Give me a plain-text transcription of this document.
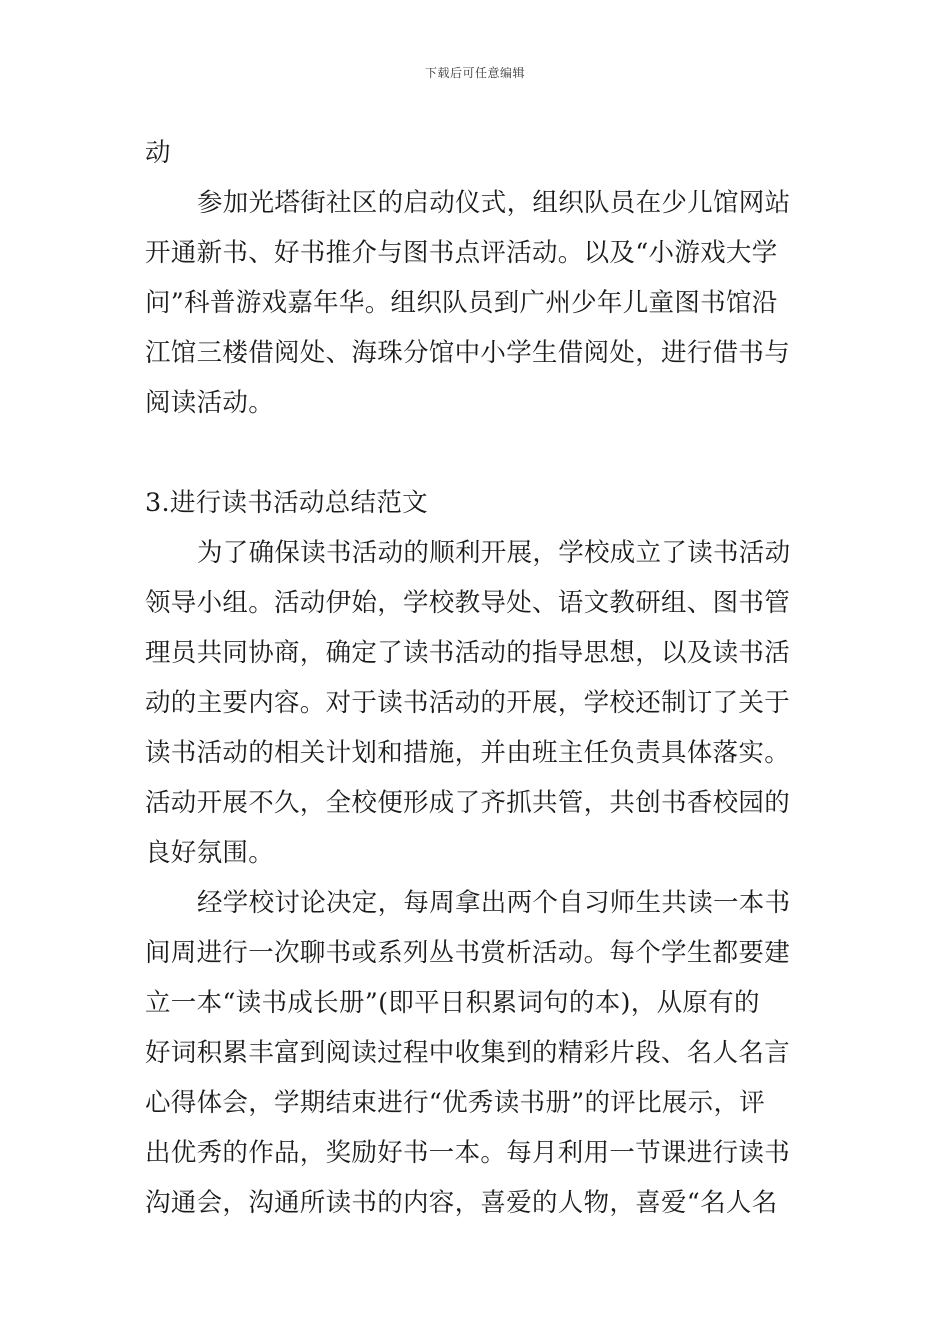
下载后可任意编辑
动
参加光塔街社区的启动仪式，组织队员在少儿馆网站
开通新书、好书推介与图书点评活动。以及“小游戏大学
问”科普游戏嘉年华。组织队员到广州少年儿童图书馆沿
江馆三楼借阅处、海珠分馆中小学生借阅处，进行借书与
阅读活动。
3.进行读书活动总结范文
为了确保读书活动的顺利开展，学校成立了读书活动
领导小组。活动伊始，学校教导处、语文教研组、图书管
理员共同协商，确定了读书活动的指导思想，以及读书活
动的主要内容。对于读书活动的开展，学校还制订了关于
读书活动的相关计划和措施，并由班主任负责具体落实。
活动开展不久，全校便形成了齐抓共管，共创书香校园的
良好氛围。
经学校讨论决定，每周拿出两个自习师生共读一本书
间周进行一次聊书或系列丛书赏析活动。每个学生都要建
立一本“读书成长册”(即平日积累词句的本)，从原有的
好词积累丰富到阅读过程中收集到的精彩片段、名人名言
心得体会，学期结束进行“优秀读书册”的评比展示，评
出优秀的作品，奖励好书一本。每月利用一节课进行读书
沟通会，沟通所读书的内容，喜爱的人物，喜爱“名人名
